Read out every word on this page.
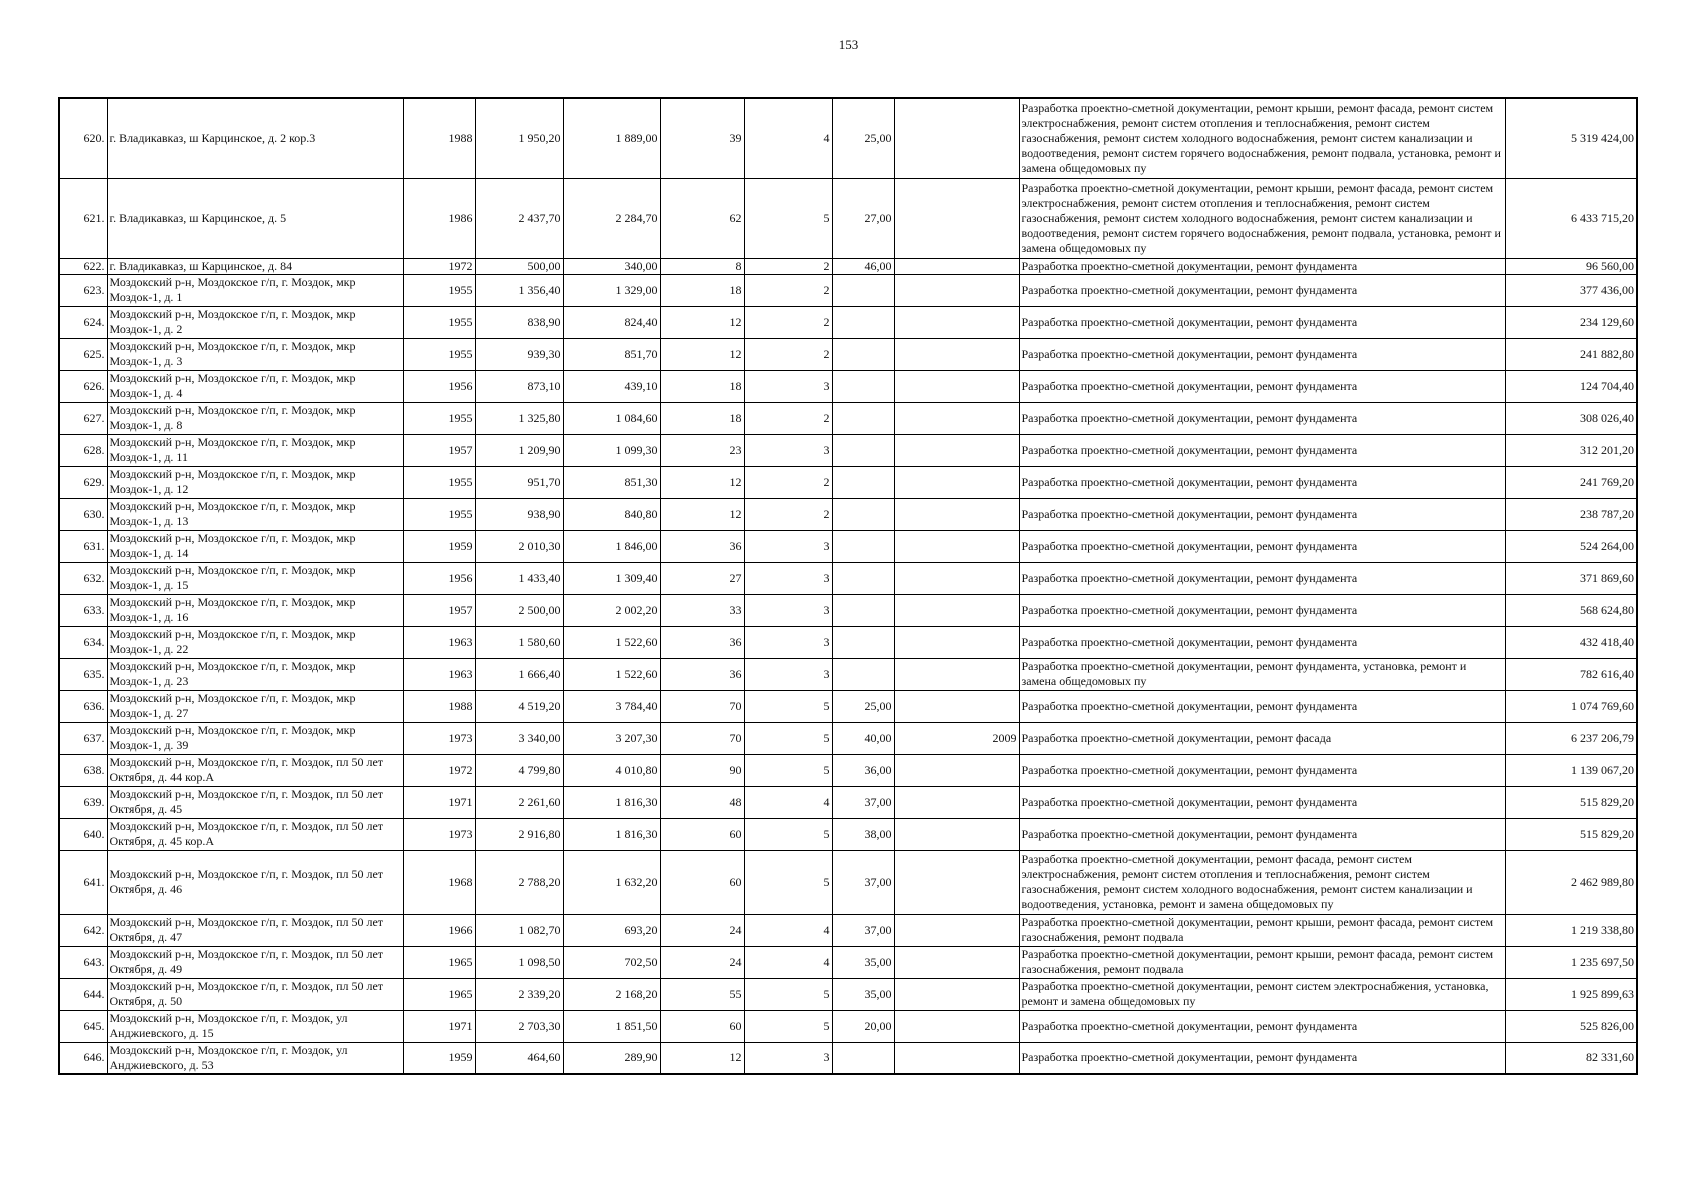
153
620.	г. Владикавказ, ш Карцинское, д. 2 кор.3	1988	1 950,20	1 889,00	39	4	25,00		Разработка проектно-сметной документации, ремонт крыши, ремонт фасада, ремонт систем электроснабжения, ремонт систем отопления и теплоснабжения, ремонт систем газоснабжения, ремонт систем холодного водоснабжения, ремонт систем канализации и водоотведения, ремонт систем горячего водоснабжения, ремонт подвала, установка, ремонт и замена общедомовых пу	5 319 424,00
621.	г. Владикавказ, ш Карцинское, д. 5	1986	2 437,70	2 284,70	62	5	27,00		Разработка проектно-сметной документации, ремонт крыши, ремонт фасада, ремонт систем электроснабжения, ремонт систем отопления и теплоснабжения, ремонт систем газоснабжения, ремонт систем холодного водоснабжения, ремонт систем канализации и водоотведения, ремонт систем горячего водоснабжения, ремонт подвала, установка, ремонт и замена общедомовых пу	6 433 715,20
622.	г. Владикавказ, ш Карцинское, д. 84	1972	500,00	340,00	8	2	46,00		Разработка проектно-сметной документации, ремонт фундамента	96 560,00
623.	Моздокский р-н, Моздокское г/п, г. Моздок, мкр Моздок-1, д. 1	1955	1 356,40	1 329,00	18	2			Разработка проектно-сметной документации, ремонт фундамента	377 436,00
624.	Моздокский р-н, Моздокское г/п, г. Моздок, мкр Моздок-1, д. 2	1955	838,90	824,40	12	2			Разработка проектно-сметной документации, ремонт фундамента	234 129,60
625.	Моздокский р-н, Моздокское г/п, г. Моздок, мкр Моздок-1, д. 3	1955	939,30	851,70	12	2			Разработка проектно-сметной документации, ремонт фундамента	241 882,80
626.	Моздокский р-н, Моздокское г/п, г. Моздок, мкр Моздок-1, д. 4	1956	873,10	439,10	18	3			Разработка проектно-сметной документации, ремонт фундамента	124 704,40
627.	Моздокский р-н, Моздокское г/п, г. Моздок, мкр Моздок-1, д. 8	1955	1 325,80	1 084,60	18	2			Разработка проектно-сметной документации, ремонт фундамента	308 026,40
628.	Моздокский р-н, Моздокское г/п, г. Моздок, мкр Моздок-1, д. 11	1957	1 209,90	1 099,30	23	3			Разработка проектно-сметной документации, ремонт фундамента	312 201,20
629.	Моздокский р-н, Моздокское г/п, г. Моздок, мкр Моздок-1, д. 12	1955	951,70	851,30	12	2			Разработка проектно-сметной документации, ремонт фундамента	241 769,20
630.	Моздокский р-н, Моздокское г/п, г. Моздок, мкр Моздок-1, д. 13	1955	938,90	840,80	12	2			Разработка проектно-сметной документации, ремонт фундамента	238 787,20
631.	Моздокский р-н, Моздокское г/п, г. Моздок, мкр Моздок-1, д. 14	1959	2 010,30	1 846,00	36	3			Разработка проектно-сметной документации, ремонт фундамента	524 264,00
632.	Моздокский р-н, Моздокское г/п, г. Моздок, мкр Моздок-1, д. 15	1956	1 433,40	1 309,40	27	3			Разработка проектно-сметной документации, ремонт фундамента	371 869,60
633.	Моздокский р-н, Моздокское г/п, г. Моздок, мкр Моздок-1, д. 16	1957	2 500,00	2 002,20	33	3			Разработка проектно-сметной документации, ремонт фундамента	568 624,80
634.	Моздокский р-н, Моздокское г/п, г. Моздок, мкр Моздок-1, д. 22	1963	1 580,60	1 522,60	36	3			Разработка проектно-сметной документации, ремонт фундамента	432 418,40
635.	Моздокский р-н, Моздокское г/п, г. Моздок, мкр Моздок-1, д. 23	1963	1 666,40	1 522,60	36	3			Разработка проектно-сметной документации, ремонт фундамента, установка, ремонт и замена общедомовых пу	782 616,40
636.	Моздокский р-н, Моздокское г/п, г. Моздок, мкр Моздок-1, д. 27	1988	4 519,20	3 784,40	70	5	25,00		Разработка проектно-сметной документации, ремонт фундамента	1 074 769,60
637.	Моздокский р-н, Моздокское г/п, г. Моздок, мкр Моздок-1, д. 39	1973	3 340,00	3 207,30	70	5	40,00	2009	Разработка проектно-сметной документации, ремонт фасада	6 237 206,79
638.	Моздокский р-н, Моздокское г/п, г. Моздок, пл 50 лет Октября, д. 44 кор.А	1972	4 799,80	4 010,80	90	5	36,00		Разработка проектно-сметной документации, ремонт фундамента	1 139 067,20
639.	Моздокский р-н, Моздокское г/п, г. Моздок, пл 50 лет Октября, д. 45	1971	2 261,60	1 816,30	48	4	37,00		Разработка проектно-сметной документации, ремонт фундамента	515 829,20
640.	Моздокский р-н, Моздокское г/п, г. Моздок, пл 50 лет Октября, д. 45 кор.А	1973	2 916,80	1 816,30	60	5	38,00		Разработка проектно-сметной документации, ремонт фундамента	515 829,20
641.	Моздокский р-н, Моздокское г/п, г. Моздок, пл 50 лет Октября, д. 46	1968	2 788,20	1 632,20	60	5	37,00		Разработка проектно-сметной документации, ремонт фасада, ремонт систем электроснабжения, ремонт систем отопления и теплоснабжения, ремонт систем газоснабжения, ремонт систем холодного водоснабжения, ремонт систем канализации и водоотведения, установка, ремонт и замена общедомовых пу	2 462 989,80
642.	Моздокский р-н, Моздокское г/п, г. Моздок, пл 50 лет Октября, д. 47	1966	1 082,70	693,20	24	4	37,00		Разработка проектно-сметной документации, ремонт крыши, ремонт фасада, ремонт систем газоснабжения, ремонт подвала	1 219 338,80
643.	Моздокский р-н, Моздокское г/п, г. Моздок, пл 50 лет Октября, д. 49	1965	1 098,50	702,50	24	4	35,00		Разработка проектно-сметной документации, ремонт крыши, ремонт фасада, ремонт систем газоснабжения, ремонт подвала	1 235 697,50
644.	Моздокский р-н, Моздокское г/п, г. Моздок, пл 50 лет Октября, д. 50	1965	2 339,20	2 168,20	55	5	35,00		Разработка проектно-сметной документации, ремонт систем электроснабжения, установка, ремонт и замена общедомовых пу	1 925 899,63
645.	Моздокский р-н, Моздокское г/п, г. Моздок, ул Анджиевского, д. 15	1971	2 703,30	1 851,50	60	5	20,00		Разработка проектно-сметной документации, ремонт фундамента	525 826,00
646.	Моздокский р-н, Моздокское г/п, г. Моздок, ул Анджиевского, д. 53	1959	464,60	289,90	12	3			Разработка проектно-сметной документации, ремонт фундамента	82 331,60
